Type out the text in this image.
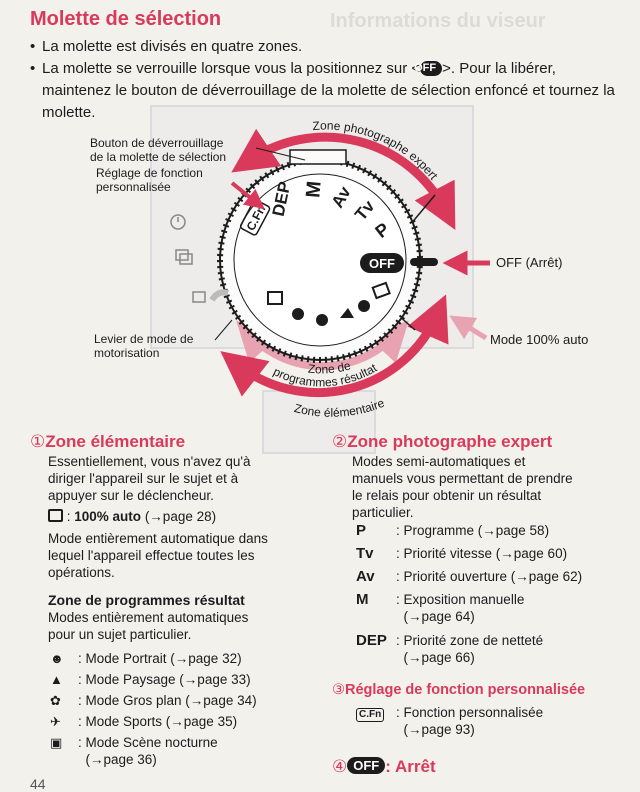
Informations du viseur
Molette de sélection

• La molette est divisés en quatre zones.

• La molette se verrouille lorsque vous la positionnez sur <OFF >. Pour la libérer, maintenez le bouton de déverrouillage de la molette de sélection enfoncé et tournez la molette.

C.Fn
DEP M Av
Tv
P
OFF
Zone photographe expert
Zone de
programmes résultat
Zone élémentaire
Bouton de déverrouillage
de la molette de sélection
Réglage de fonction
personnalisée
Levier de mode de
motorisation
OFF (Arrêt)
Mode 100% auto
①Zone élémentaire
Essentiellement, vous n'avez qu'à
diriger l'appareil sur le sujet et à
appuyer sur le déclencheur.
: 100% auto (→page 28)
Mode entièrement automatique dans
lequel l'appareil effectue toutes les
opérations.
Zone de programmes résultat
Modes entièrement automatiques
pour un sujet particulier.
☻	: Mode Portrait (→page 32)
▲	: Mode Paysage (→page 33)
✿	: Mode Gros plan (→page 34)
✈	: Mode Sports (→page 35)
▣	: Mode Scène nocturne
(→page 36)
②Zone photographe expert
Modes semi-automatiques et
manuels vous permettant de prendre
le relais pour obtenir un résultat
particulier.
P	: Programme (→page 58)
Tv	: Priorité vitesse (→page 60)
Av	: Priorité ouverture (→page 62)
M	: Exposition manuelle
(→page 64)
DEP : Priorité zone de netteté
(→page 66)
③Réglage de fonction personnalisée
C.Fn	: Fonction personnalisée
(→page 93)
④ OFF : Arrêt
44
